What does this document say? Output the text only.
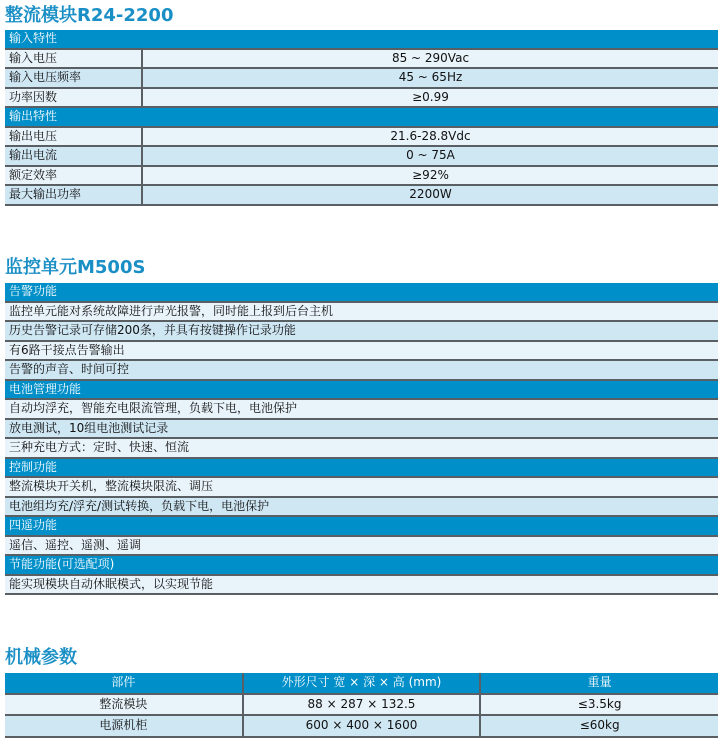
整流模块R24-2200
输入特性	
输入电压	85 ~ 290Vac
输入电压频率	45 ~ 65Hz
功率因数	≥0.99
输出特性	
输出电压	21.6-28.8Vdc
输出电流	0 ~ 75A
额定效率	≥92%
最大输出功率	2200W
监控单元M500S
告警功能
监控单元能对系统故障进行声光报警，同时能上报到后台主机
历史告警记录可存储200条，并具有按键操作记录功能
有6路干接点告警输出
告警的声音、时间可控
电池管理功能
自动均浮充，智能充电限流管理，负载下电，电池保护
放电测试，10组电池测试记录
三种充电方式：定时、快速、恒流
控制功能
整流模块开关机，整流模块限流、调压
电池组均充/浮充/测试转换，负载下电，电池保护
四遥功能
遥信、遥控、遥测、遥调
节能功能(可选配项)
能实现模块自动休眠模式，以实现节能
机械参数
部件	外形尺寸 宽 × 深 × 高 (mm)	重量
整流模块	88 × 287 × 132.5	≤3.5kg
电源机柜	600 × 400 × 1600	≤60kg
